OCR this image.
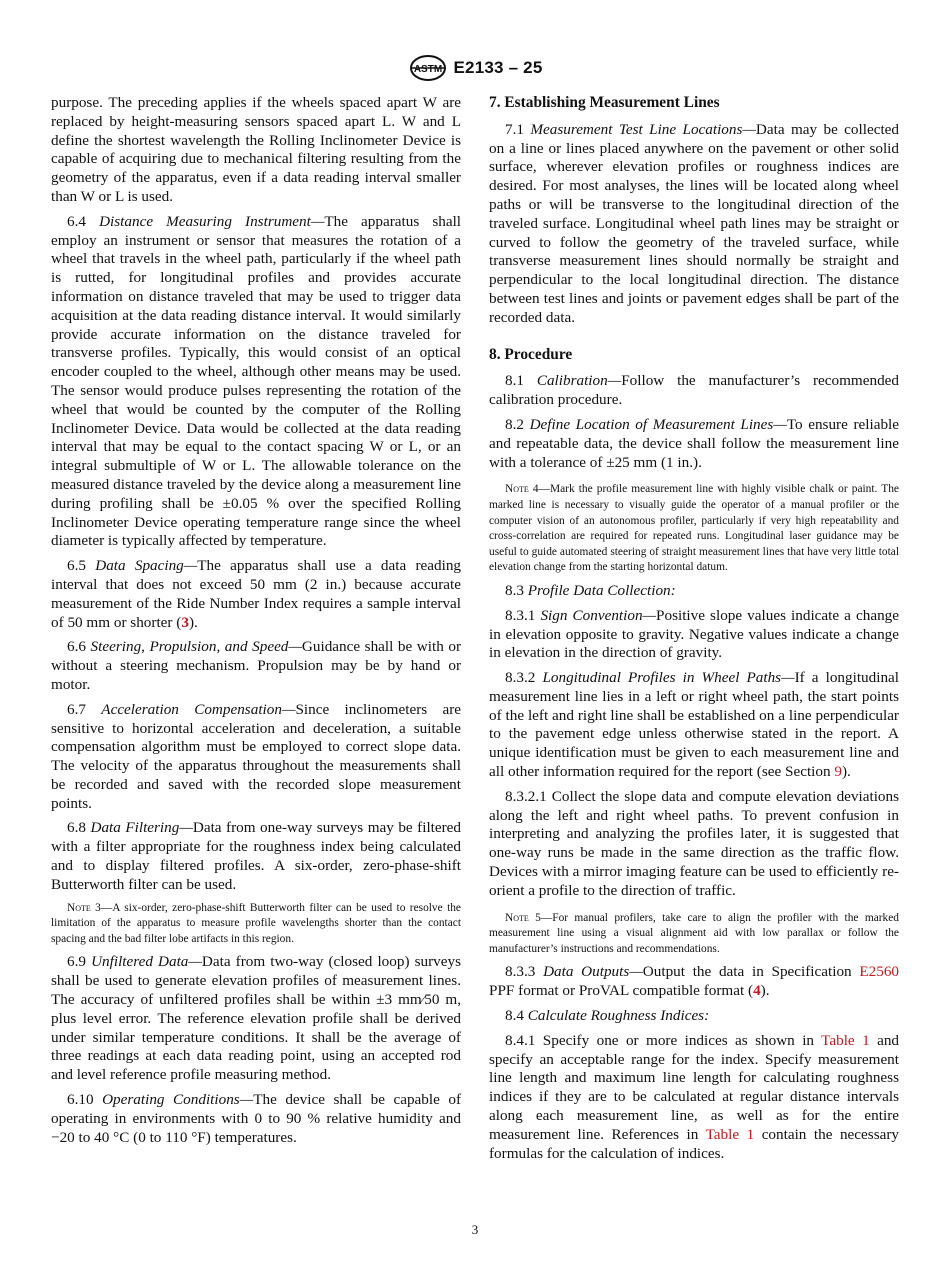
ASTM E2133 – 25

purpose. The preceding applies if the wheels spaced apart W are replaced by height-measuring sensors spaced apart L. W and L define the shortest wavelength the Rolling Inclinometer Device is capable of acquiring due to mechanical filtering resulting from the geometry of the apparatus, even if a data reading interval smaller than W or L is used.

6.4 Distance Measuring Instrument—The apparatus shall employ an instrument or sensor that measures the rotation of a wheel that travels in the wheel path, particularly if the wheel path is rutted, for longitudinal profiles and provides accurate information on distance traveled that may be used to trigger data acquisition at the data reading distance interval. It would similarly provide accurate information on the distance traveled for transverse profiles. Typically, this would consist of an optical encoder coupled to the wheel, although other means may be used. The sensor would produce pulses representing the rotation of the wheel that would be counted by the computer of the Rolling Inclinometer Device. Data would be collected at the data reading interval that may be equal to the contact spacing W or L, or an integral submultiple of W or L. The allowable tolerance on the measured distance traveled by the device along a measurement line during profiling shall be ±0.05 % over the specified Rolling Inclinometer Device operating temperature range since the wheel diameter is typically affected by temperature.

6.5 Data Spacing—The apparatus shall use a data reading interval that does not exceed 50 mm (2 in.) because accurate measurement of the Ride Number Index requires a sample interval of 50 mm or shorter (3).

6.6 Steering, Propulsion, and Speed—Guidance shall be with or without a steering mechanism. Propulsion may be by hand or motor.

6.7 Acceleration Compensation—Since inclinometers are sensitive to horizontal acceleration and deceleration, a suitable compensation algorithm must be employed to correct slope data. The velocity of the apparatus throughout the measurements shall be recorded and saved with the recorded slope measurement points.

6.8 Data Filtering—Data from one-way surveys may be filtered with a filter appropriate for the roughness index being calculated and to display filtered profiles. A six-order, zero-phase-shift Butterworth filter can be used.

Note 3—A six-order, zero-phase-shift Butterworth filter can be used to resolve the limitation of the apparatus to measure profile wavelengths shorter than the contact spacing and the bad filter lobe artifacts in this region.

6.9 Unfiltered Data—Data from two-way (closed loop) surveys shall be used to generate elevation profiles of measurement lines. The accuracy of unfiltered profiles shall be within ±3 mm⁄50 m, plus level error. The reference elevation profile shall be derived under similar temperature conditions. It shall be the average of three readings at each data reading point, using an accepted rod and level reference profile measuring method.

6.10 Operating Conditions—The device shall be capable of operating in environments with 0 to 90 % relative humidity and −20 to 40 °C (0 to 110 °F) temperatures.

7. Establishing Measurement Lines

7.1 Measurement Test Line Locations—Data may be collected on a line or lines placed anywhere on the pavement or other solid surface, wherever elevation profiles or roughness indices are desired. For most analyses, the lines will be located along wheel paths or will be transverse to the longitudinal direction of the traveled surface. Longitudinal wheel path lines may be straight or curved to follow the geometry of the traveled surface, while transverse measurement lines should normally be straight and perpendicular to the local longitudinal direction. The distance between test lines and joints or pavement edges shall be part of the recorded data.

8. Procedure

8.1 Calibration—Follow the manufacturer’s recommended calibration procedure.

8.2 Define Location of Measurement Lines—To ensure reliable and repeatable data, the device shall follow the measurement line with a tolerance of ±25 mm (1 in.).

Note 4—Mark the profile measurement line with highly visible chalk or paint. The marked line is necessary to visually guide the operator of a manual profiler or the computer vision of an autonomous profiler, particularly if very high repeatability and cross-correlation are required for repeated runs. Longitudinal laser guidance may be useful to guide automated steering of straight measurement lines that have very little total elevation change from the starting horizontal datum.

8.3 Profile Data Collection:

8.3.1 Sign Convention—Positive slope values indicate a change in elevation opposite to gravity. Negative values indicate a change in elevation in the direction of gravity.

8.3.2 Longitudinal Profiles in Wheel Paths—If a longitudinal measurement line lies in a left or right wheel path, the start points of the left and right line shall be established on a line perpendicular to the pavement edge unless otherwise stated in the report. A unique identification must be given to each measurement line and all other information required for the report (see Section 9).

8.3.2.1 Collect the slope data and compute elevation deviations along the left and right wheel paths. To prevent confusion in interpreting and analyzing the profiles later, it is suggested that one-way runs be made in the same direction as the traffic flow. Devices with a mirror imaging feature can be used to efficiently re-orient a profile to the direction of traffic.

Note 5—For manual profilers, take care to align the profiler with the marked measurement line using a visual alignment aid with low parallax or follow the manufacturer’s instructions and recommendations.

8.3.3 Data Outputs—Output the data in Specification E2560 PPF format or ProVAL compatible format (4).

8.4 Calculate Roughness Indices:

8.4.1 Specify one or more indices as shown in Table 1 and specify an acceptable range for the index. Specify measurement line length and maximum line length for calculating roughness indices if they are to be calculated at regular distance intervals along each measurement line, as well as for the entire measurement line. References in Table 1 contain the necessary formulas for the calculation of indices.

3
